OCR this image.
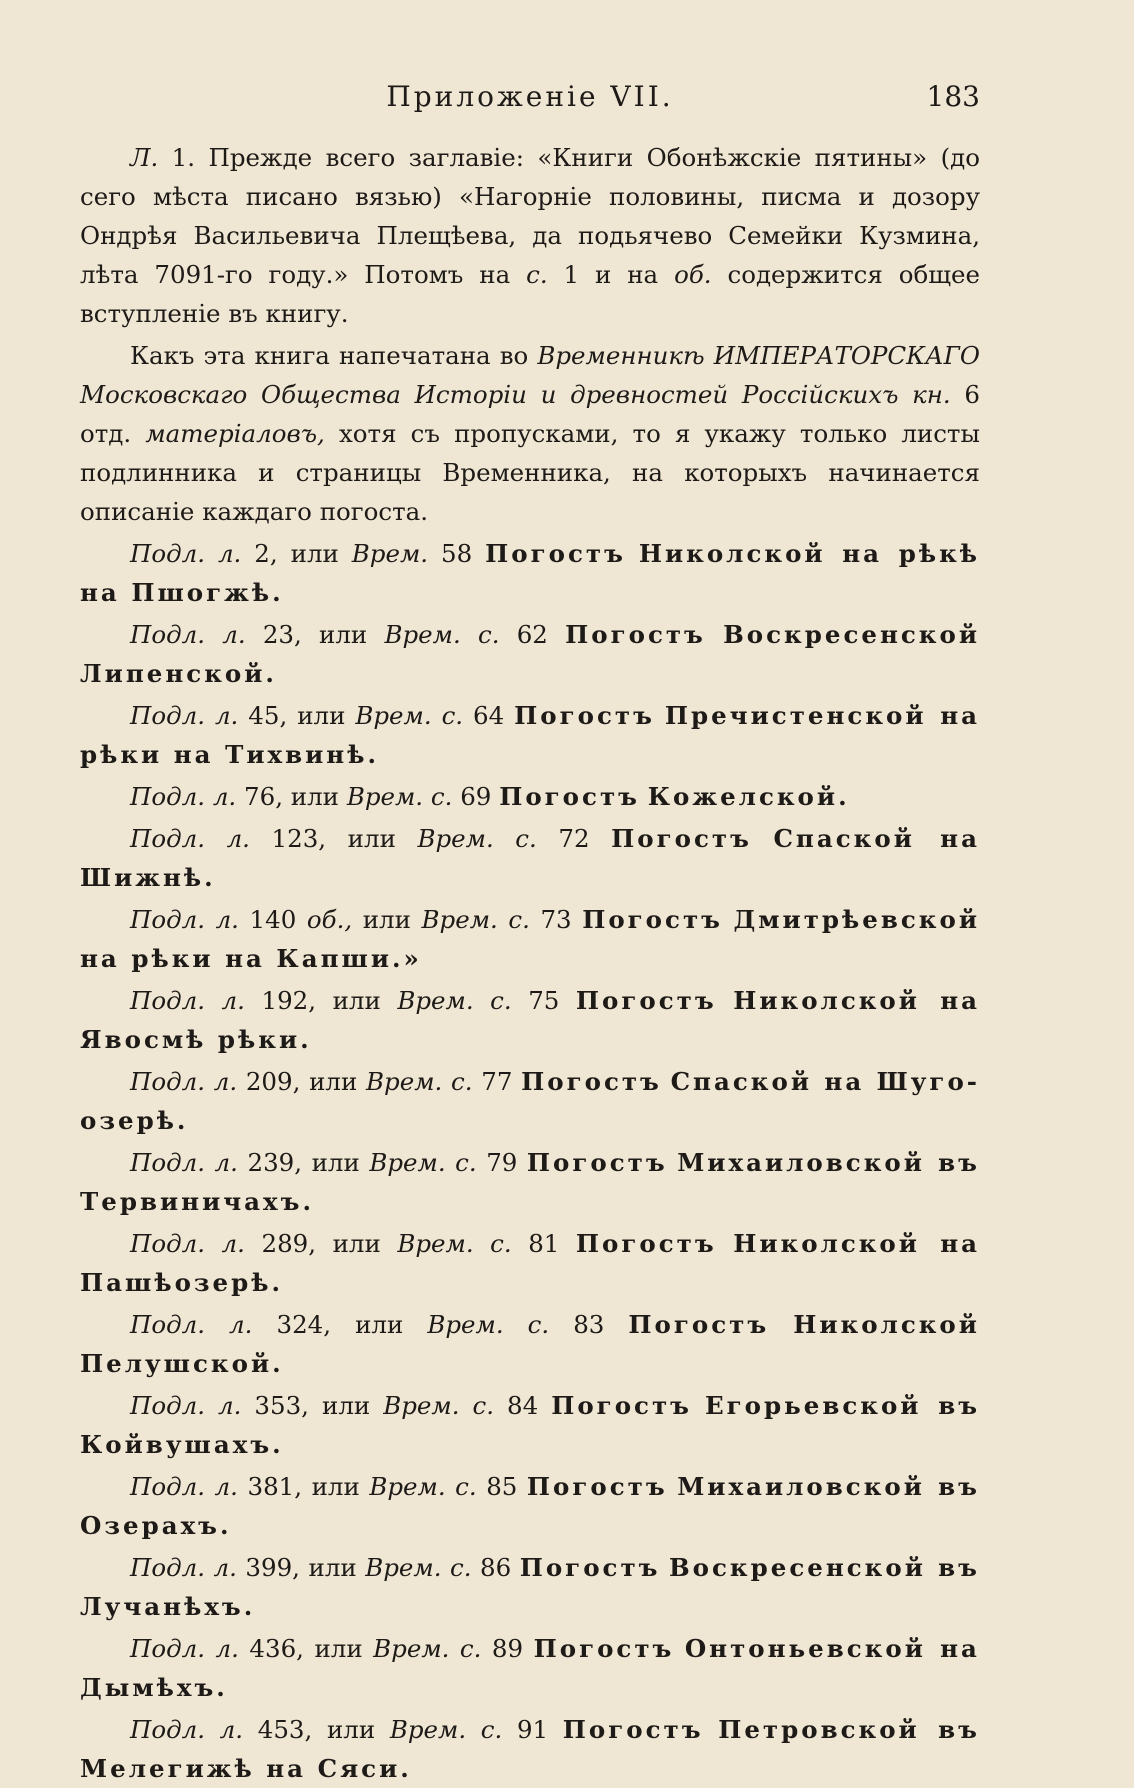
Приложенiе VII.	183

Л. 1. Прежде всего заглавiе: «Книги Обонѣжскiе пятины» (до сего мѣста писано вязью) «Нагорнiе половины, писма и дозору Ондрѣя Васильевича Плещѣева, да подьячево Семейки Кузмина, лѣта 7091-го году.» Потомъ на с. 1 и на об. содержится общее вступленiе въ книгу.

Какъ эта книга напечатана во Временникѣ ИМПЕРАТОРСКАГО Московскаго Общества Исторiи и древностей Россiйскихъ кн. 6 отд. матерiаловъ, хотя съ пропусками, то я укажу только листы подлинника и страницы Временника, на которыхъ начинается описанiе каждаго погоста.

Подл. л. 2, или Врем. 58 Погостъ Николской на рѣкѣ на Пшогжѣ.

Подл. л. 23, или Врем. с. 62 Погостъ Воскресенской Липенской.

Подл. л. 45, или Врем. с. 64 Погостъ Пречистенской на рѣки на Тихвинѣ.

Подл. л. 76, или Врем. с. 69 Погостъ Кожелской.

Подл. л. 123, или Врем. с. 72 Погостъ Спаской на Шижнѣ.

Подл. л. 140 об., или Врем. с. 73 Погостъ Дмитрѣевской на рѣки на Капши.»

Подл. л. 192, или Врем. с. 75 Погостъ Николской на Явосмѣ рѣки.

Подл. л. 209, или Врем. с. 77 Погостъ Спаской на Шуго-озерѣ.

Подл. л. 239, или Врем. с. 79 Погостъ Михаиловской въ Тервиничахъ.

Подл. л. 289, или Врем. с. 81 Погостъ Николской на Пашѣозерѣ.

Подл. л. 324, или Врем. с. 83 Погостъ Николской Пелушской.

Подл. л. 353, или Врем. с. 84 Погостъ Егорьевской въ Койвушахъ.

Подл. л. 381, или Врем. с. 85 Погостъ Михаиловской въ Озерахъ.

Подл. л. 399, или Врем. с. 86 Погостъ Воскресенской въ Лучанѣхъ.

Подл. л. 436, или Врем. с. 89 Погостъ Онтоньевской на Дымѣхъ.

Подл. л. 453, или Врем. с. 91 Погостъ Петровской въ Мелегижѣ на Сяси.
